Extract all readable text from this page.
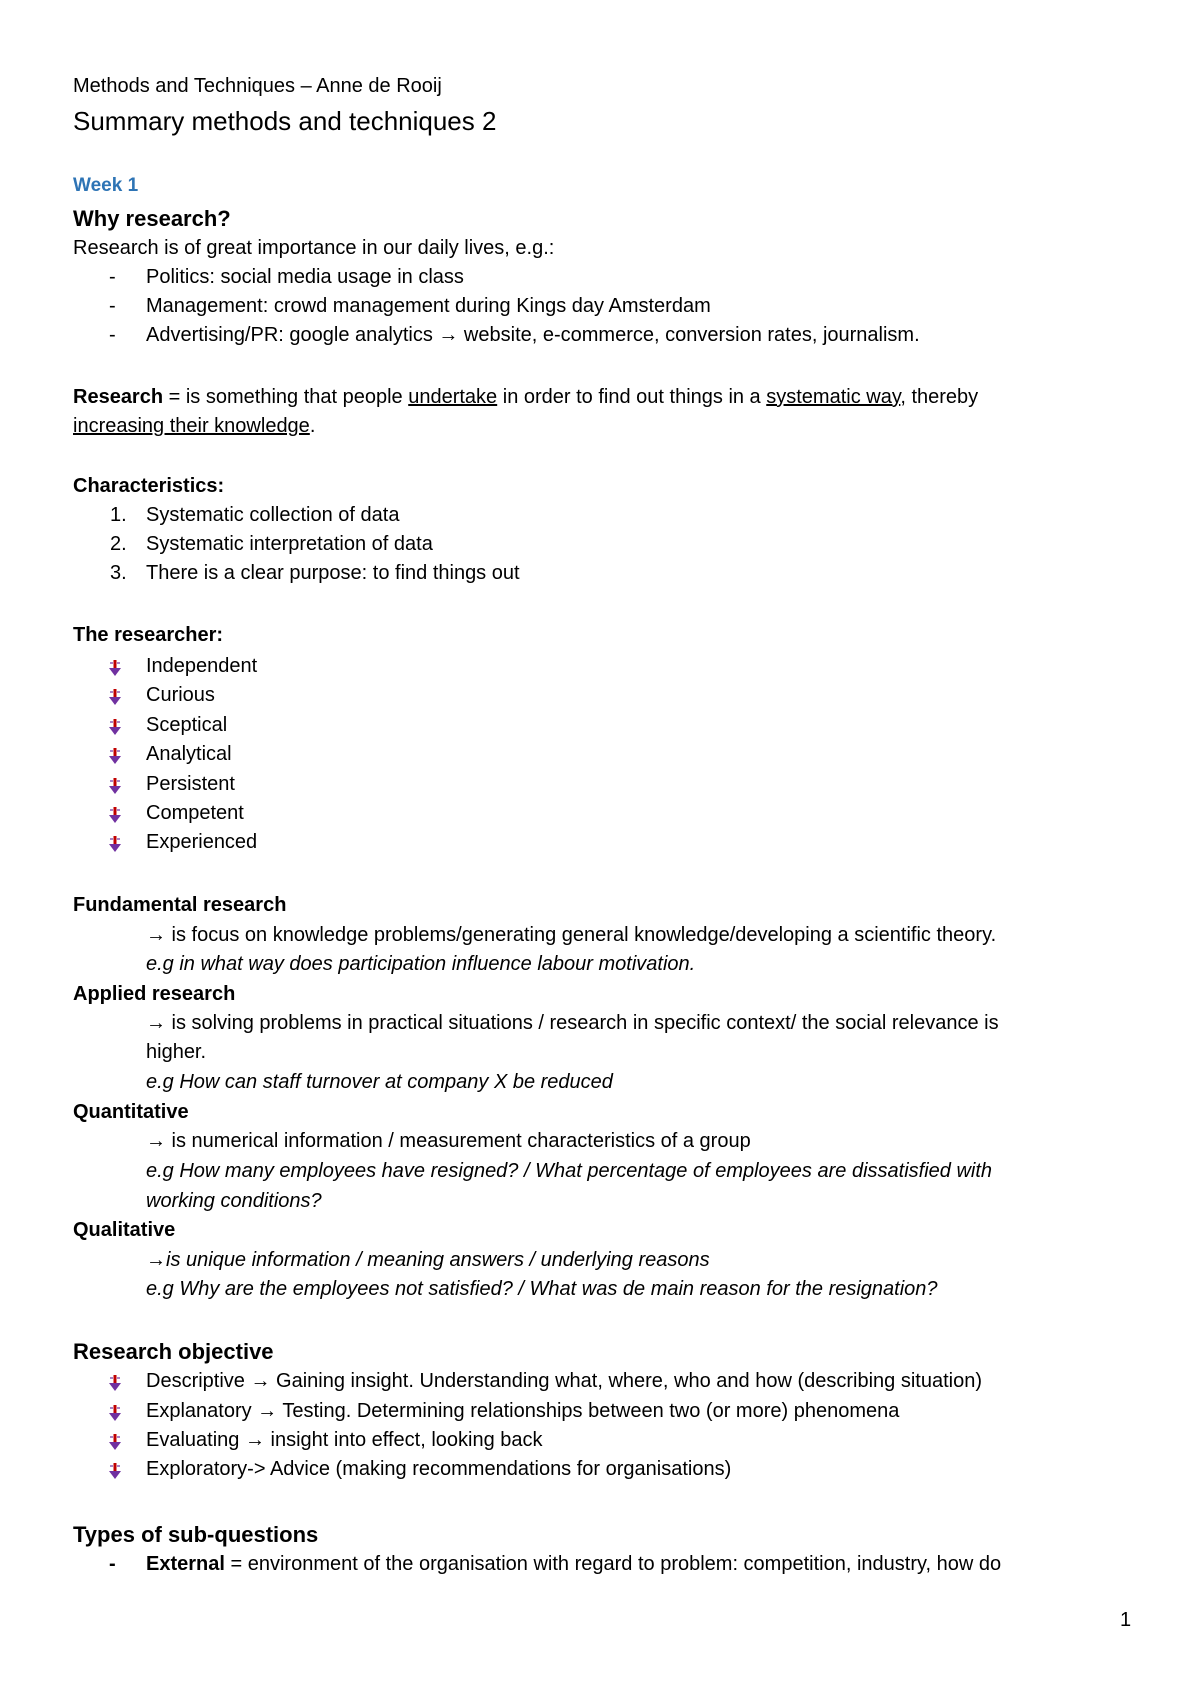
Methods and Techniques – Anne de Rooij
Summary methods and techniques 2
Week 1
Why research?
Research is of great importance in our daily lives, e.g.:
- Politics: social media usage in class
- Management: crowd management during Kings day Amsterdam
- Advertising/PR: google analytics → website, e-commerce, conversion rates, journalism.
Research = is something that people undertake in order to find out things in a systematic way, thereby
increasing their knowledge.
Characteristics:
1. Systematic collection of data
2. Systematic interpretation of data
3. There is a clear purpose: to find things out
The researcher:
Independent
Curious
Sceptical
Analytical
Persistent
Competent
Experienced
Fundamental research
→ is focus on knowledge problems/generating general knowledge/developing a scientific theory.
e.g in what way does participation influence labour motivation.
Applied research
→ is solving problems in practical situations / research in specific context/ the social relevance is
higher.
e.g How can staff turnover at company X be reduced
Quantitative
→ is numerical information / measurement characteristics of a group
e.g How many employees have resigned? / What percentage of employees are dissatisfied with
working conditions?
Qualitative
→is unique information / meaning answers / underlying reasons
e.g Why are the employees not satisfied? / What was de main reason for the resignation?
Research objective
Descriptive → Gaining insight. Understanding what, where, who and how (describing situation)
Explanatory → Testing. Determining relationships between two (or more) phenomena
Evaluating → insight into effect, looking back
Exploratory-> Advice (making recommendations for organisations)
Types of sub-questions
- External = environment of the organisation with regard to problem: competition, industry, how do
1
